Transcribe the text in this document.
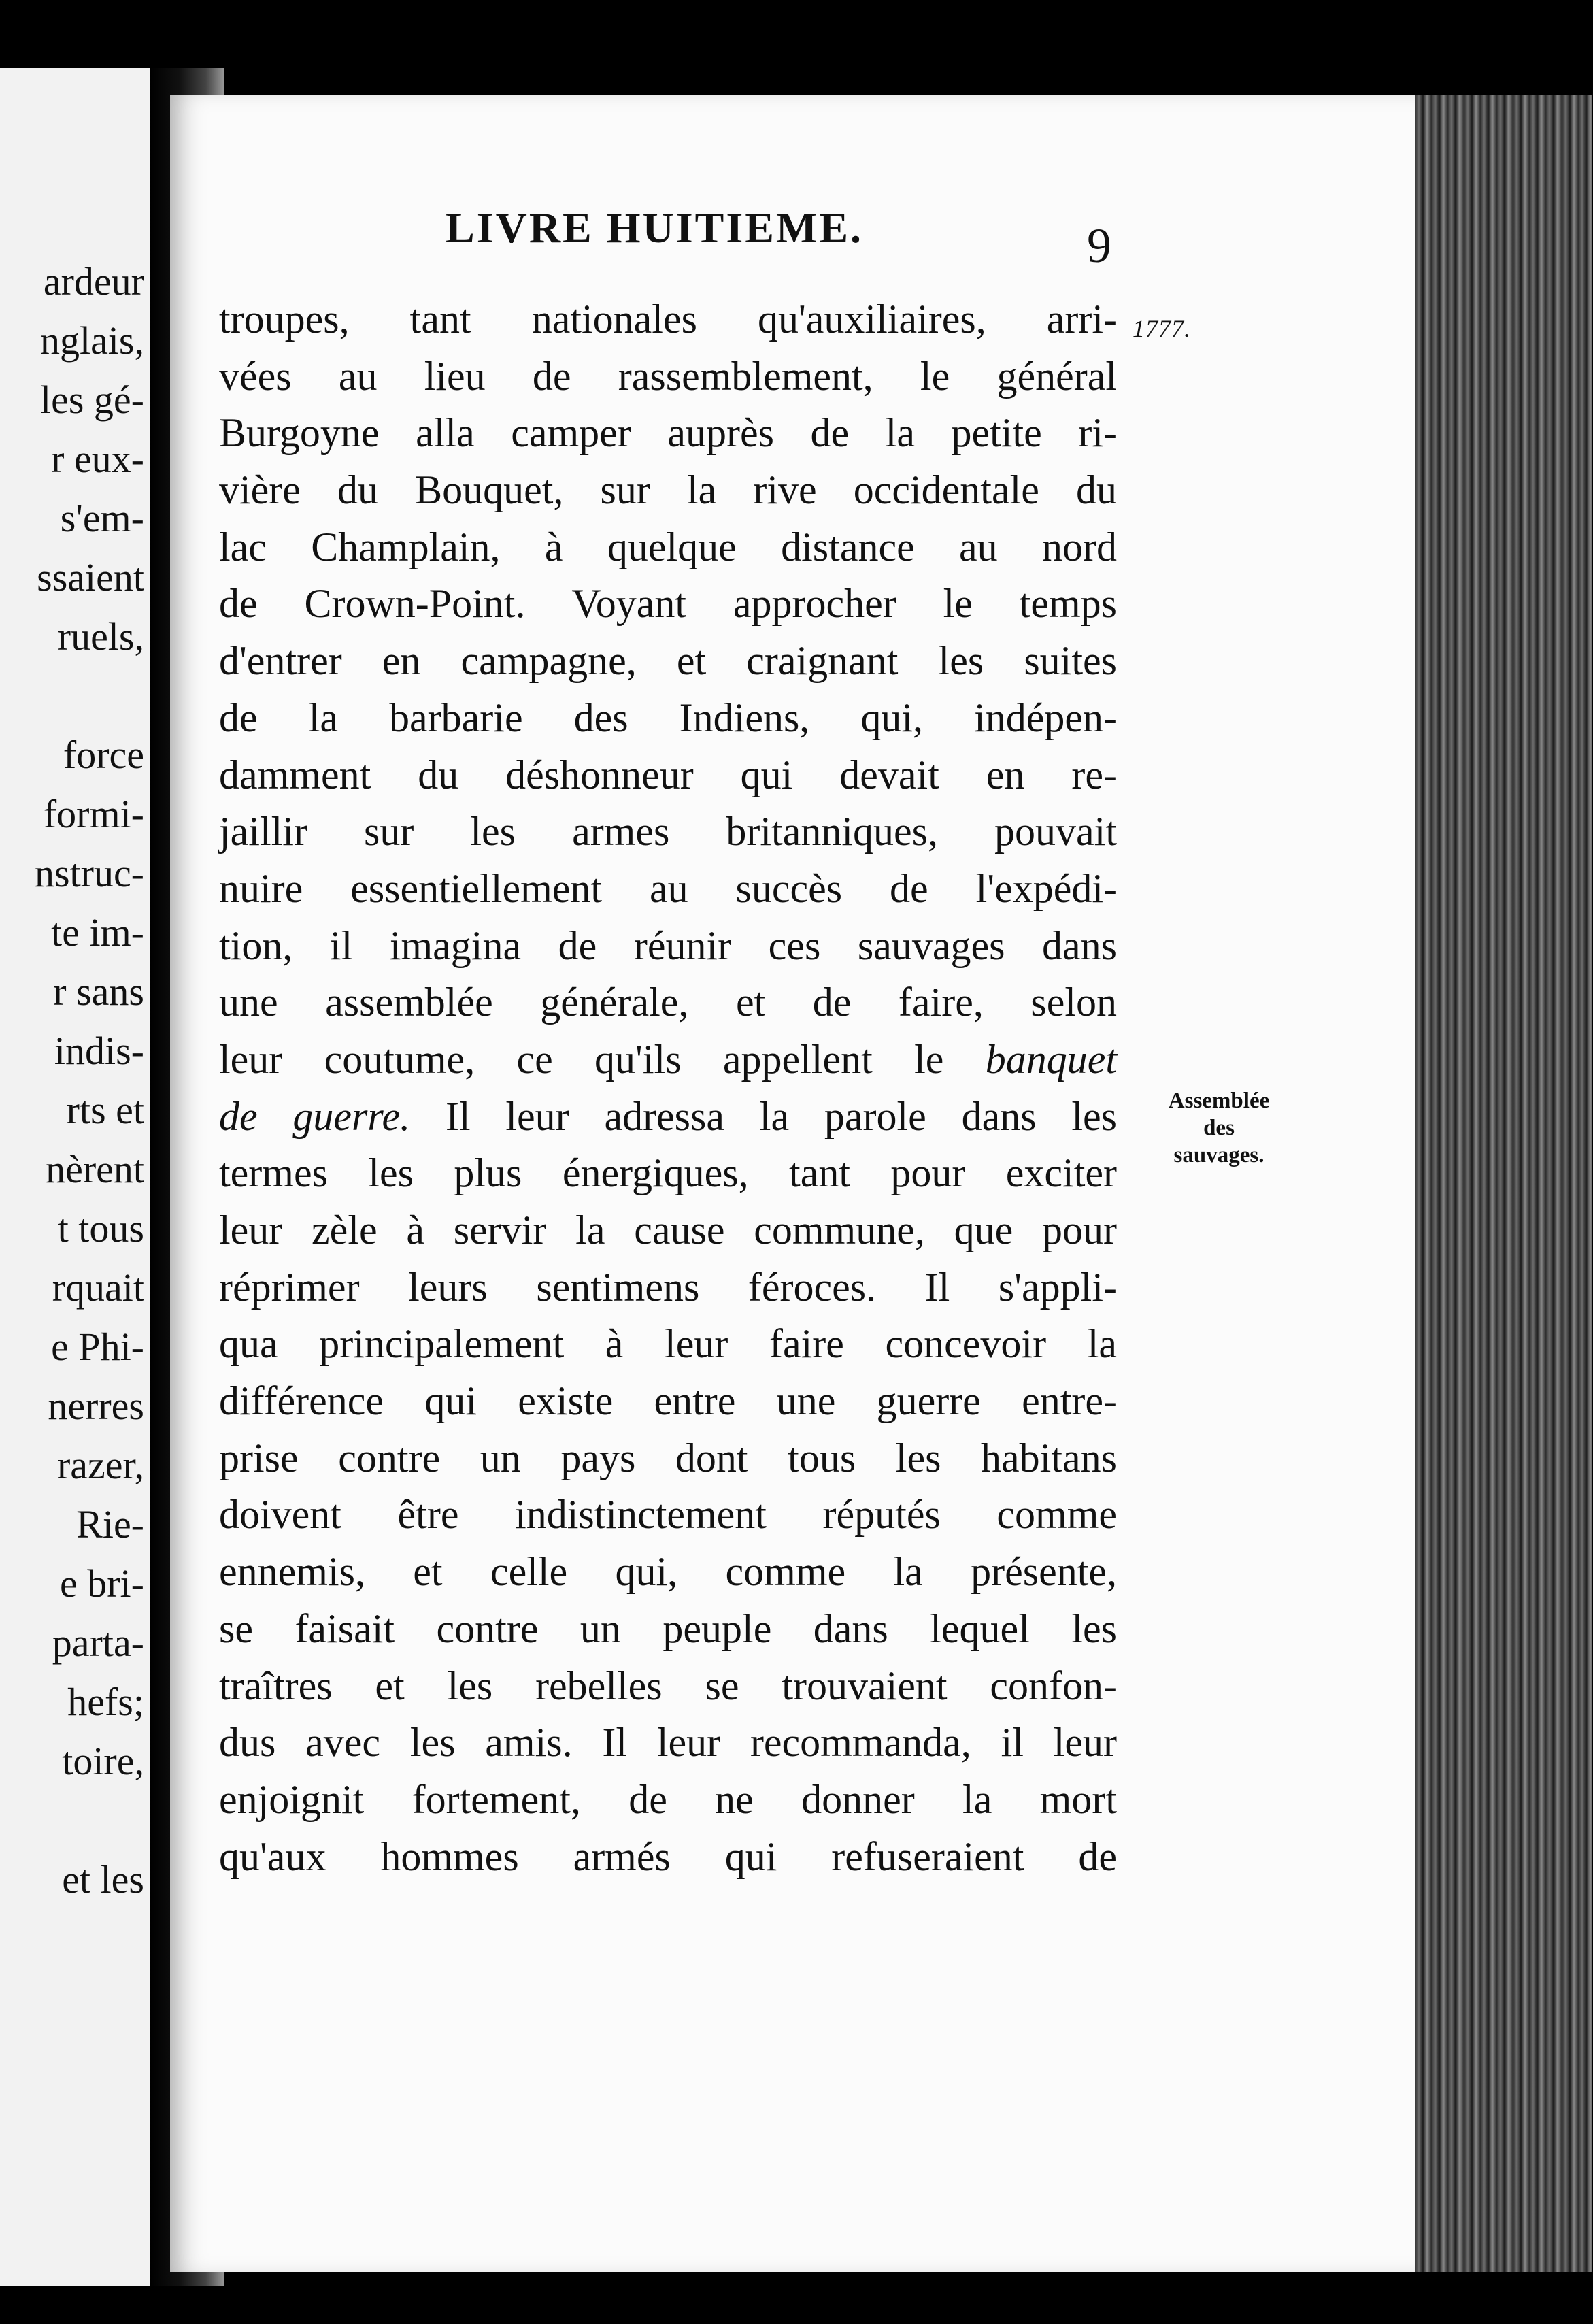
ardeur
nglais,
les gé-
r eux-
s'em-
ssaient
ruels,
force
formi-
nstruc-
te im-
r sans
indis-
rts et
nèrent
t tous
rquait
e Phi-
nerres
razer,
Rie-
e bri-
parta-
hefs;
toire,
et les
LIVRE HUITIEME.	9
1777.
Assemblée
des
sauvages.
troupes, tant nationales qu'auxiliaires, arri-
vées au lieu de rassemblement, le général
Burgoyne alla camper auprès de la petite ri-
vière du Bouquet, sur la rive occidentale du
lac Champlain, à quelque distance au nord
de Crown-Point. Voyant approcher le temps
d'entrer en campagne, et craignant les suites
de la barbarie des Indiens, qui, indépen-
damment du déshonneur qui devait en re-
jaillir sur les armes britanniques, pouvait
nuire essentiellement au succès de l'expédi-
tion, il imagina de réunir ces sauvages dans
une assemblée générale, et de faire, selon
leur coutume, ce qu'ils appellent le banquet
de guerre. Il leur adressa la parole dans les
termes les plus énergiques, tant pour exciter
leur zèle à servir la cause commune, que pour
réprimer leurs sentimens féroces. Il s'appli-
qua principalement à leur faire concevoir la
différence qui existe entre une guerre entre-
prise contre un pays dont tous les habitans
doivent être indistinctement réputés comme
ennemis, et celle qui, comme la présente,
se faisait contre un peuple dans lequel les
traîtres et les rebelles se trouvaient confon-
dus avec les amis. Il leur recommanda, il leur
enjoignit fortement, de ne donner la mort
qu'aux hommes armés qui refuseraient de
